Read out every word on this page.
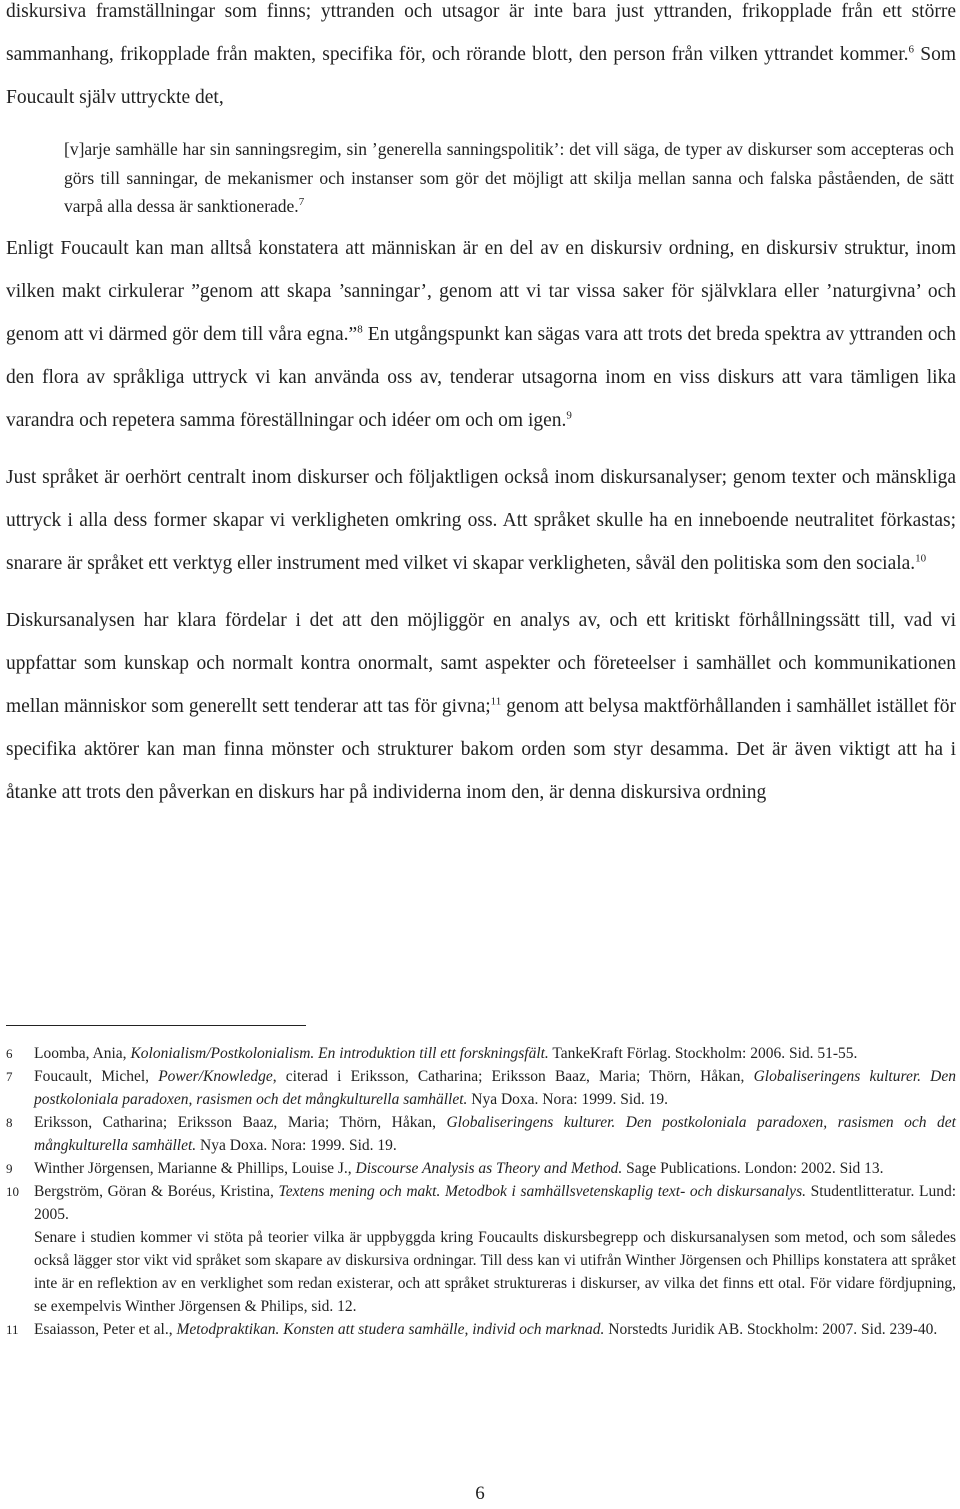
diskursiva framställningar som finns; yttranden och utsagor är inte bara just yttranden, frikopplade från ett större sammanhang, frikopplade från makten, specifika för, och rörande blott, den person från vilken yttrandet kommer.$^6$ Som Foucault själv uttryckte det,

[v]arje samhälle har sin sanningsregim, sin ’generella sanningspolitik’: det vill säga, de typer av diskurser som accepteras och görs till sanningar, de mekanismer och instanser som gör det möjligt att skilja mellan sanna och falska påståenden, de sätt varpå alla dessa är sanktionerade.$^7$

Enligt Foucault kan man alltså konstatera att människan är en del av en diskursiv ordning, en diskursiv struktur, inom vilken makt cirkulerar ”genom att skapa ’sanningar’, genom att vi tar vissa saker för självklara eller ’naturgivna’ och genom att vi därmed gör dem till våra egna.”$^8$ En utgångspunkt kan sägas vara att trots det breda spektra av yttranden och den flora av språkliga uttryck vi kan använda oss av, tenderar utsagorna inom en viss diskurs att vara tämligen lika varandra och repetera samma föreställningar och idéer om och om igen.$^9$

Just språket är oerhört centralt inom diskurser och följaktligen också inom diskursanalyser; genom texter och mänskliga uttryck i alla dess former skapar vi verkligheten omkring oss. Att språket skulle ha en inneboende neutralitet förkastas; snarare är språket ett verktyg eller instrument med vilket vi skapar verkligheten, såväl den politiska som den sociala.$^{10}$

Diskursanalysen har klara fördelar i det att den möjliggör en analys av, och ett kritiskt förhållningssätt till, vad vi uppfattar som kunskap och normalt kontra onormalt, samt aspekter och företeelser i samhället och kommunikationen mellan människor som generellt sett tenderar att tas för givna;$^{11}$ genom att belysa maktförhållanden i samhället istället för specifika aktörer kan man finna mönster och strukturer bakom orden som styr desamma. Det är även viktigt att ha i åtanke att trots den påverkan en diskurs har på individerna inom den, är denna diskursiva ordning

6	Loomba, Ania, Kolonialism/Postkolonialism. En introduktion till ett forskningsfält. TankeKraft Förlag. Stockholm: 2006. Sid. 51-55.
7	Foucault, Michel, Power/Knowledge, citerad i Eriksson, Catharina; Eriksson Baaz, Maria; Thörn, Håkan, Globaliseringens kulturer. Den postkoloniala paradoxen, rasismen och det mångkulturella samhället. Nya Doxa. Nora: 1999. Sid. 19.
8	Eriksson, Catharina; Eriksson Baaz, Maria; Thörn, Håkan, Globaliseringens kulturer. Den postkoloniala paradoxen, rasismen och det mångkulturella samhället. Nya Doxa. Nora: 1999. Sid. 19.
9	Winther Jörgensen, Marianne & Phillips, Louise J., Discourse Analysis as Theory and Method. Sage Publications. London: 2002. Sid 13.
10 Bergström, Göran & Boréus, Kristina, Textens mening och makt. Metodbok i samhällsvetenskaplig text- och diskursanalys. Studentlitteratur. Lund: 2005.
Senare i studien kommer vi stöta på teorier vilka är uppbyggda kring Foucaults diskursbegrepp och diskursanalysen som metod, och som således också lägger stor vikt vid språket som skapare av diskursiva ordningar. Till dess kan vi utifrån Winther Jörgensen och Phillips konstatera att språket inte är en reflektion av en verklighet som redan existerar, och att språket struktureras i diskurser, av vilka det finns ett otal. För vidare fördjupning, se exempelvis Winther Jörgensen & Philips, sid. 12.
11 Esaiasson, Peter et al., Metodpraktikan. Konsten att studera samhälle, individ och marknad. Norstedts Juridik AB. Stockholm: 2007. Sid. 239-40.
6
